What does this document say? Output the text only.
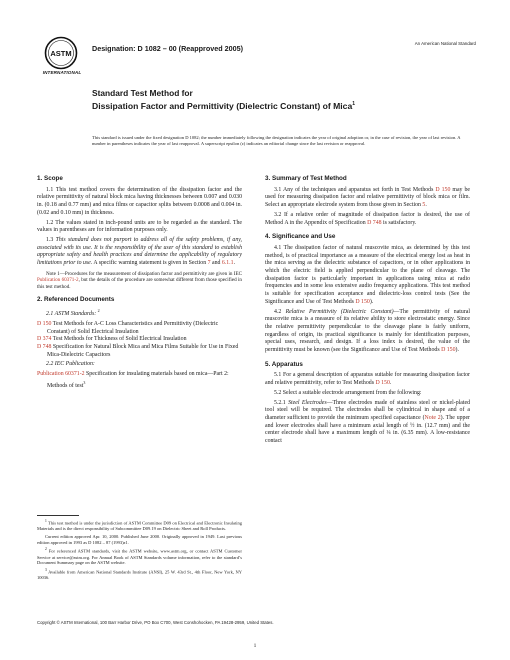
ASTM
INTERNATIONAL
Designation: D 1082 – 00 (Reapproved 2005)
An American National Standard
Standard Test Method for
Dissipation Factor and Permittivity (Dielectric Constant) of Mica$^1$
This standard is issued under the fixed designation D 1082; the number immediately following the designation indicates the year of original adoption or, in the case of revision, the year of last revision. A number in parentheses indicates the year of last reapproval. A superscript epsilon (ε) indicates an editorial change since the last revision or reapproval.
1. Scope

1.1 This test method covers the determination of the dissipation factor and the relative permittivity of natural block mica having thicknesses between 0.007 and 0.030 in. (0.18 and 0.77 mm) and mica films or capacitor splits between 0.0008 and 0.004 in. (0.02 and 0.10 mm) in thickness.

1.2 The values stated in inch-pound units are to be regarded as the standard. The values in parentheses are for information purposes only.

1.3 This standard does not purport to address all of the safety problems, if any, associated with its use. It is the responsibility of the user of this standard to establish appropriate safety and health practices and determine the applicability of regulatory limitations prior to use. A specific warning statement is given in Section 7 and 6.1.1.

Note 1—Procedures for the measurement of dissipation factor and permittivity are given in IEC Publication 60371-2, but the details of the procedure are somewhat different from those specified in this test method.

2. Referenced Documents

2.1 ASTM Standards: $^2$

D 150 Test Methods for A-C Loss Characteristics and Permittivity (Dielectric Constant) of Solid Electrical Insulation

D 374 Test Methods for Thickness of Solid Electrical Insulation

D 748 Specification for Natural Block Mica and Mica Films Suitable for Use in Fixed Mica-Dielectric Capacitors

2.2 IEC Publication:

Publication 60371-2 Specification for insulating materials based on mica—Part 2: Methods of test$^3$

3. Summary of Test Method

3.1 Any of the techniques and apparatus set forth in Test Methods D 150 may be used for measuring dissipation factor and relative permittivity of block mica or film. Select an appropriate electrode system from those given in Section 5.

3.2 If a relative order of magnitude of dissipation factor is desired, the use of Method A in the Appendix of Specification D 748 is satisfactory.

4. Significance and Use

4.1 The dissipation factor of natural muscovite mica, as determined by this test method, is of practical importance as a measure of the electrical energy lost as heat in the mica serving as the dielectric substance of capacitors, or in other applications in which the electric field is applied perpendicular to the plane of cleavage. The dissipation factor is particularly important in applications using mica at radio frequencies and in some less extensive audio frequency applications. This test method is suitable for specification acceptance and dielectric-loss control tests (See the Significance and Use of Test Methods D 150).

4.2 Relative Permittivity (Dielectric Constant)—The permittivity of natural muscovite mica is a measure of its relative ability to store electrostatic energy. Since the relative permittivity perpendicular to the cleavage plane is fairly uniform, regardless of origin, its practical significance is mainly for identification purposes, special uses, research, and design. If a loss index is desired, the value of the permittivity must be known (see the Significance and Use of Test Methods D 150).

5. Apparatus

5.1 For a general description of apparatus suitable for measuring dissipation factor and relative permittivity, refer to Test Methods D 150.

5.2 Select a suitable electrode arrangement from the following:

5.2.1 Steel Electrodes—Three electrodes made of stainless steel or nickel-plated tool steel will be required. The electrodes shall be cylindrical in shape and of a diameter sufficient to provide the minimum specified capacitance (Note 2). The upper and lower electrodes shall have a minimum axial length of ½ in. (12.7 mm) and the center electrode shall have a maximum length of ¼ in. (6.35 mm). A low-resistance contact

$^1$ This test method is under the jurisdiction of ASTM Committee D09 on Electrical and Electronic Insulating Materials and is the direct responsibility of Subcommittee D09.19 on Dielectric Sheet and Roll Products.

Current edition approved Apr. 10, 2000. Published June 2000. Originally approved in 1949. Last previous edition approved in 1993 as D 1082 – 87 (1993)ε1.

$^2$ For referenced ASTM standards, visit the ASTM website, www.astm.org, or contact ASTM Customer Service at service@astm.org. For Annual Book of ASTM Standards volume information, refer to the standard’s Document Summary page on the ASTM website.

$^3$ Available from American National Standards Institute (ANSI), 25 W. 43rd St., 4th Floor, New York, NY 10036.

Copyright © ASTM International, 100 Barr Harbor Drive, PO Box C700, West Conshohocken, PA 19428-2959, United States.
1
